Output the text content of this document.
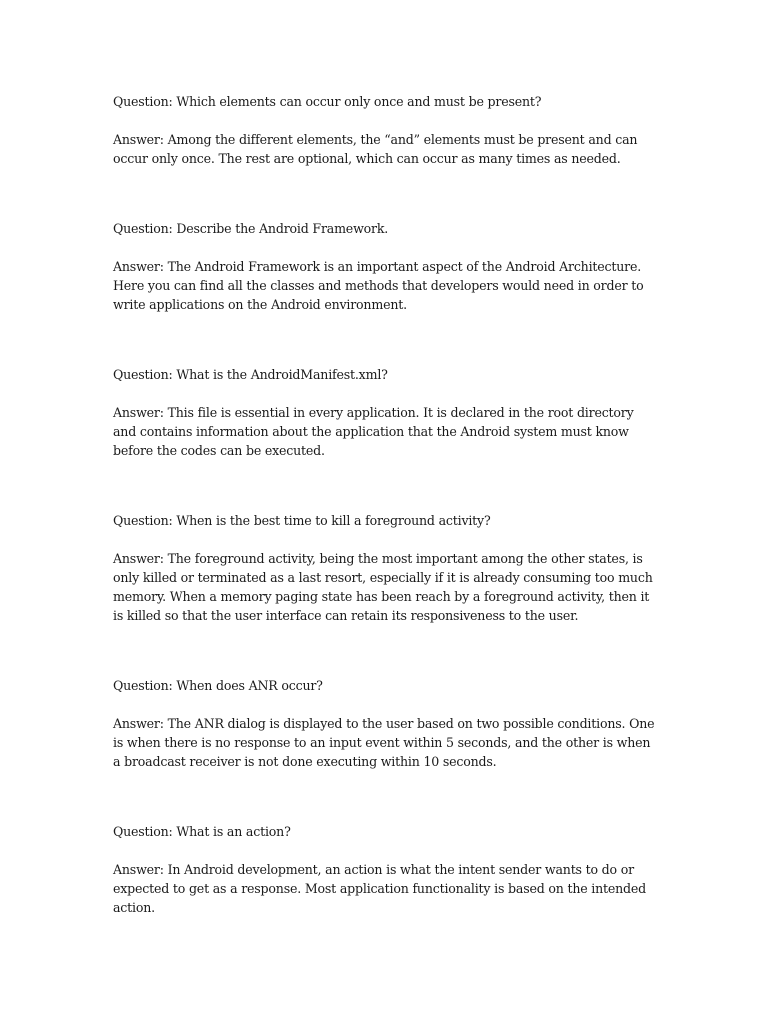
Question: Which elements can occur only once and must be present?

Answer: Among the different elements, the “and” elements must be present and can occur only once. The rest are optional, which can occur as many times as needed.

Question: Describe the Android Framework.

Answer: The Android Framework is an important aspect of the Android Architecture. Here you can find all the classes and methods that developers would need in order to write applications on the Android environment.

Question: What is the AndroidManifest.xml?

Answer: This file is essential in every application. It is declared in the root directory and contains information about the application that the Android system must know before the codes can be executed.

Question: When is the best time to kill a foreground activity?

Answer: The foreground activity, being the most important among the other states, is only killed or terminated as a last resort, especially if it is already consuming too much memory. When a memory paging state has been reach by a foreground activity, then it is killed so that the user interface can retain its responsiveness to the user.

Question: When does ANR occur?

Answer: The ANR dialog is displayed to the user based on two possible conditions. One is when there is no response to an input event within 5 seconds, and the other is when a broadcast receiver is not done executing within 10 seconds.

Question: What is an action?

Answer: In Android development, an action is what the intent sender wants to do or expected to get as a response. Most application functionality is based on the intended action.
